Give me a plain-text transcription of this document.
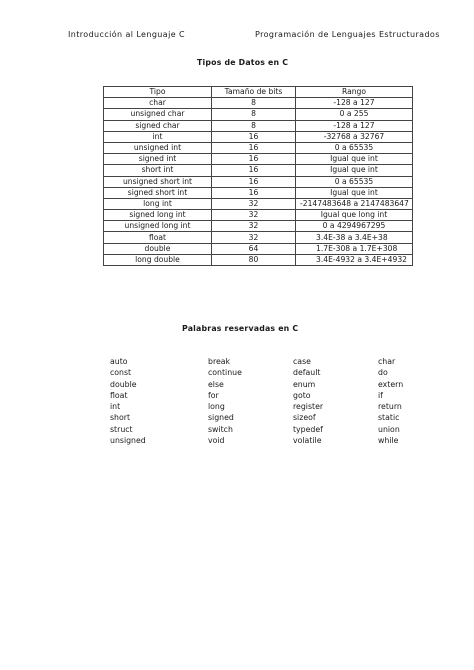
Introducción al Lenguaje C	Programación de Lenguajes Estructurados
Tipos de Datos en C
Tipo	Tamaño de bits	Rango
char	8	-128 a 127
unsigned char	8	0 a 255
signed char	8	-128 a 127
int	16	-32768 a 32767
unsigned int	16	0 a 65535
signed int	16	Igual que int
short int	16	Igual que int
unsigned short int	16	0 a 65535
signed short int	16	Igual que int
long int	32	-2147483648 a 2147483647
signed long int	32	Igual que long int
unsigned long int	32	0 a 4294967295
float	32	3.4E-38 a 3.4E+38
double	64	1.7E-308 a 1.7E+308
long double	80	3.4E-4932 a 3.4E+4932
Palabras reservadas en C
auto	break	case	char
const	continue	default	do
double	else	enum	extern
float	for	goto	if
int	long	register	return
short	signed	sizeof	static
struct	switch	typedef	union
unsigned	void	volatile	while
